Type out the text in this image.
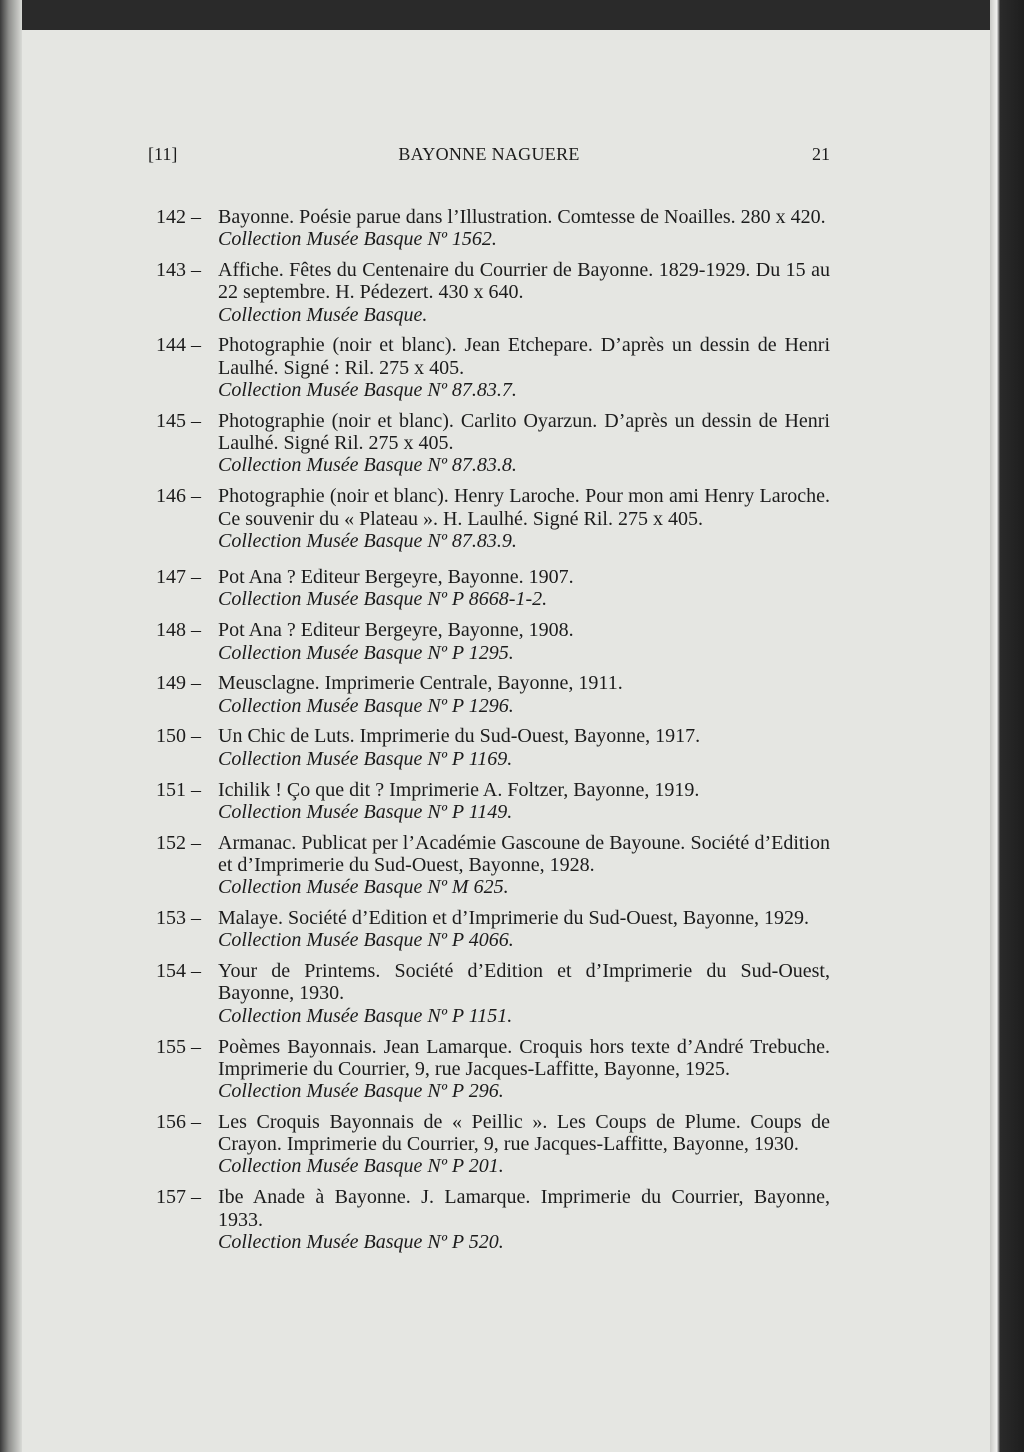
[11]	BAYONNE NAGUERE	21
142 – Bayonne. Poésie parue dans l’Illustration. Comtesse de Noailles. 280 x 420.
Collection Musée Basque Nº 1562.
143 – Affiche. Fêtes du Centenaire du Courrier de Bayonne. 1829-1929. Du 15 au 22 septembre. H. Pédezert. 430 x 640.
Collection Musée Basque.
144 – Photographie (noir et blanc). Jean Etchepare. D’après un dessin de Henri Laulhé. Signé : Ril. 275 x 405.
Collection Musée Basque Nº 87.83.7.
145 – Photographie (noir et blanc). Carlito Oyarzun. D’après un dessin de Henri Laulhé. Signé Ril. 275 x 405.
Collection Musée Basque Nº 87.83.8.
146 – Photographie (noir et blanc). Henry Laroche. Pour mon ami Henry Laroche. Ce souvenir du « Plateau ». H. Laulhé. Signé Ril. 275 x 405.
Collection Musée Basque Nº 87.83.9.
147 – Pot Ana ? Editeur Bergeyre, Bayonne. 1907.
Collection Musée Basque Nº P 8668-1-2.
148 – Pot Ana ? Editeur Bergeyre, Bayonne, 1908.
Collection Musée Basque Nº P 1295.
149 – Meusclagne. Imprimerie Centrale, Bayonne, 1911.
Collection Musée Basque Nº P 1296.
150 – Un Chic de Luts. Imprimerie du Sud-Ouest, Bayonne, 1917.
Collection Musée Basque Nº P 1169.
151 – Ichilik ! Ço que dit ? Imprimerie A. Foltzer, Bayonne, 1919.
Collection Musée Basque Nº P 1149.
152 – Armanac. Publicat per l’Académie Gascoune de Bayoune. Société d’Edition et d’Imprimerie du Sud-Ouest, Bayonne, 1928.
Collection Musée Basque Nº M 625.
153 – Malaye. Société d’Edition et d’Imprimerie du Sud-Ouest, Bayonne, 1929.
Collection Musée Basque Nº P 4066.
154 – Your de Printems. Société d’Edition et d’Imprimerie du Sud-Ouest, Bayonne, 1930.
Collection Musée Basque Nº P 1151.
155 – Poèmes Bayonnais. Jean Lamarque. Croquis hors texte d’André Trebuche. Imprimerie du Courrier, 9, rue Jacques-Laffitte, Bayonne, 1925.
Collection Musée Basque Nº P 296.
156 – Les Croquis Bayonnais de « Peillic ». Les Coups de Plume. Coups de Crayon. Imprimerie du Courrier, 9, rue Jacques-Laffitte, Bayonne, 1930.
Collection Musée Basque Nº P 201.
157 – Ibe Anade à Bayonne. J. Lamarque. Imprimerie du Courrier, Bayonne, 1933.
Collection Musée Basque Nº P 520.
